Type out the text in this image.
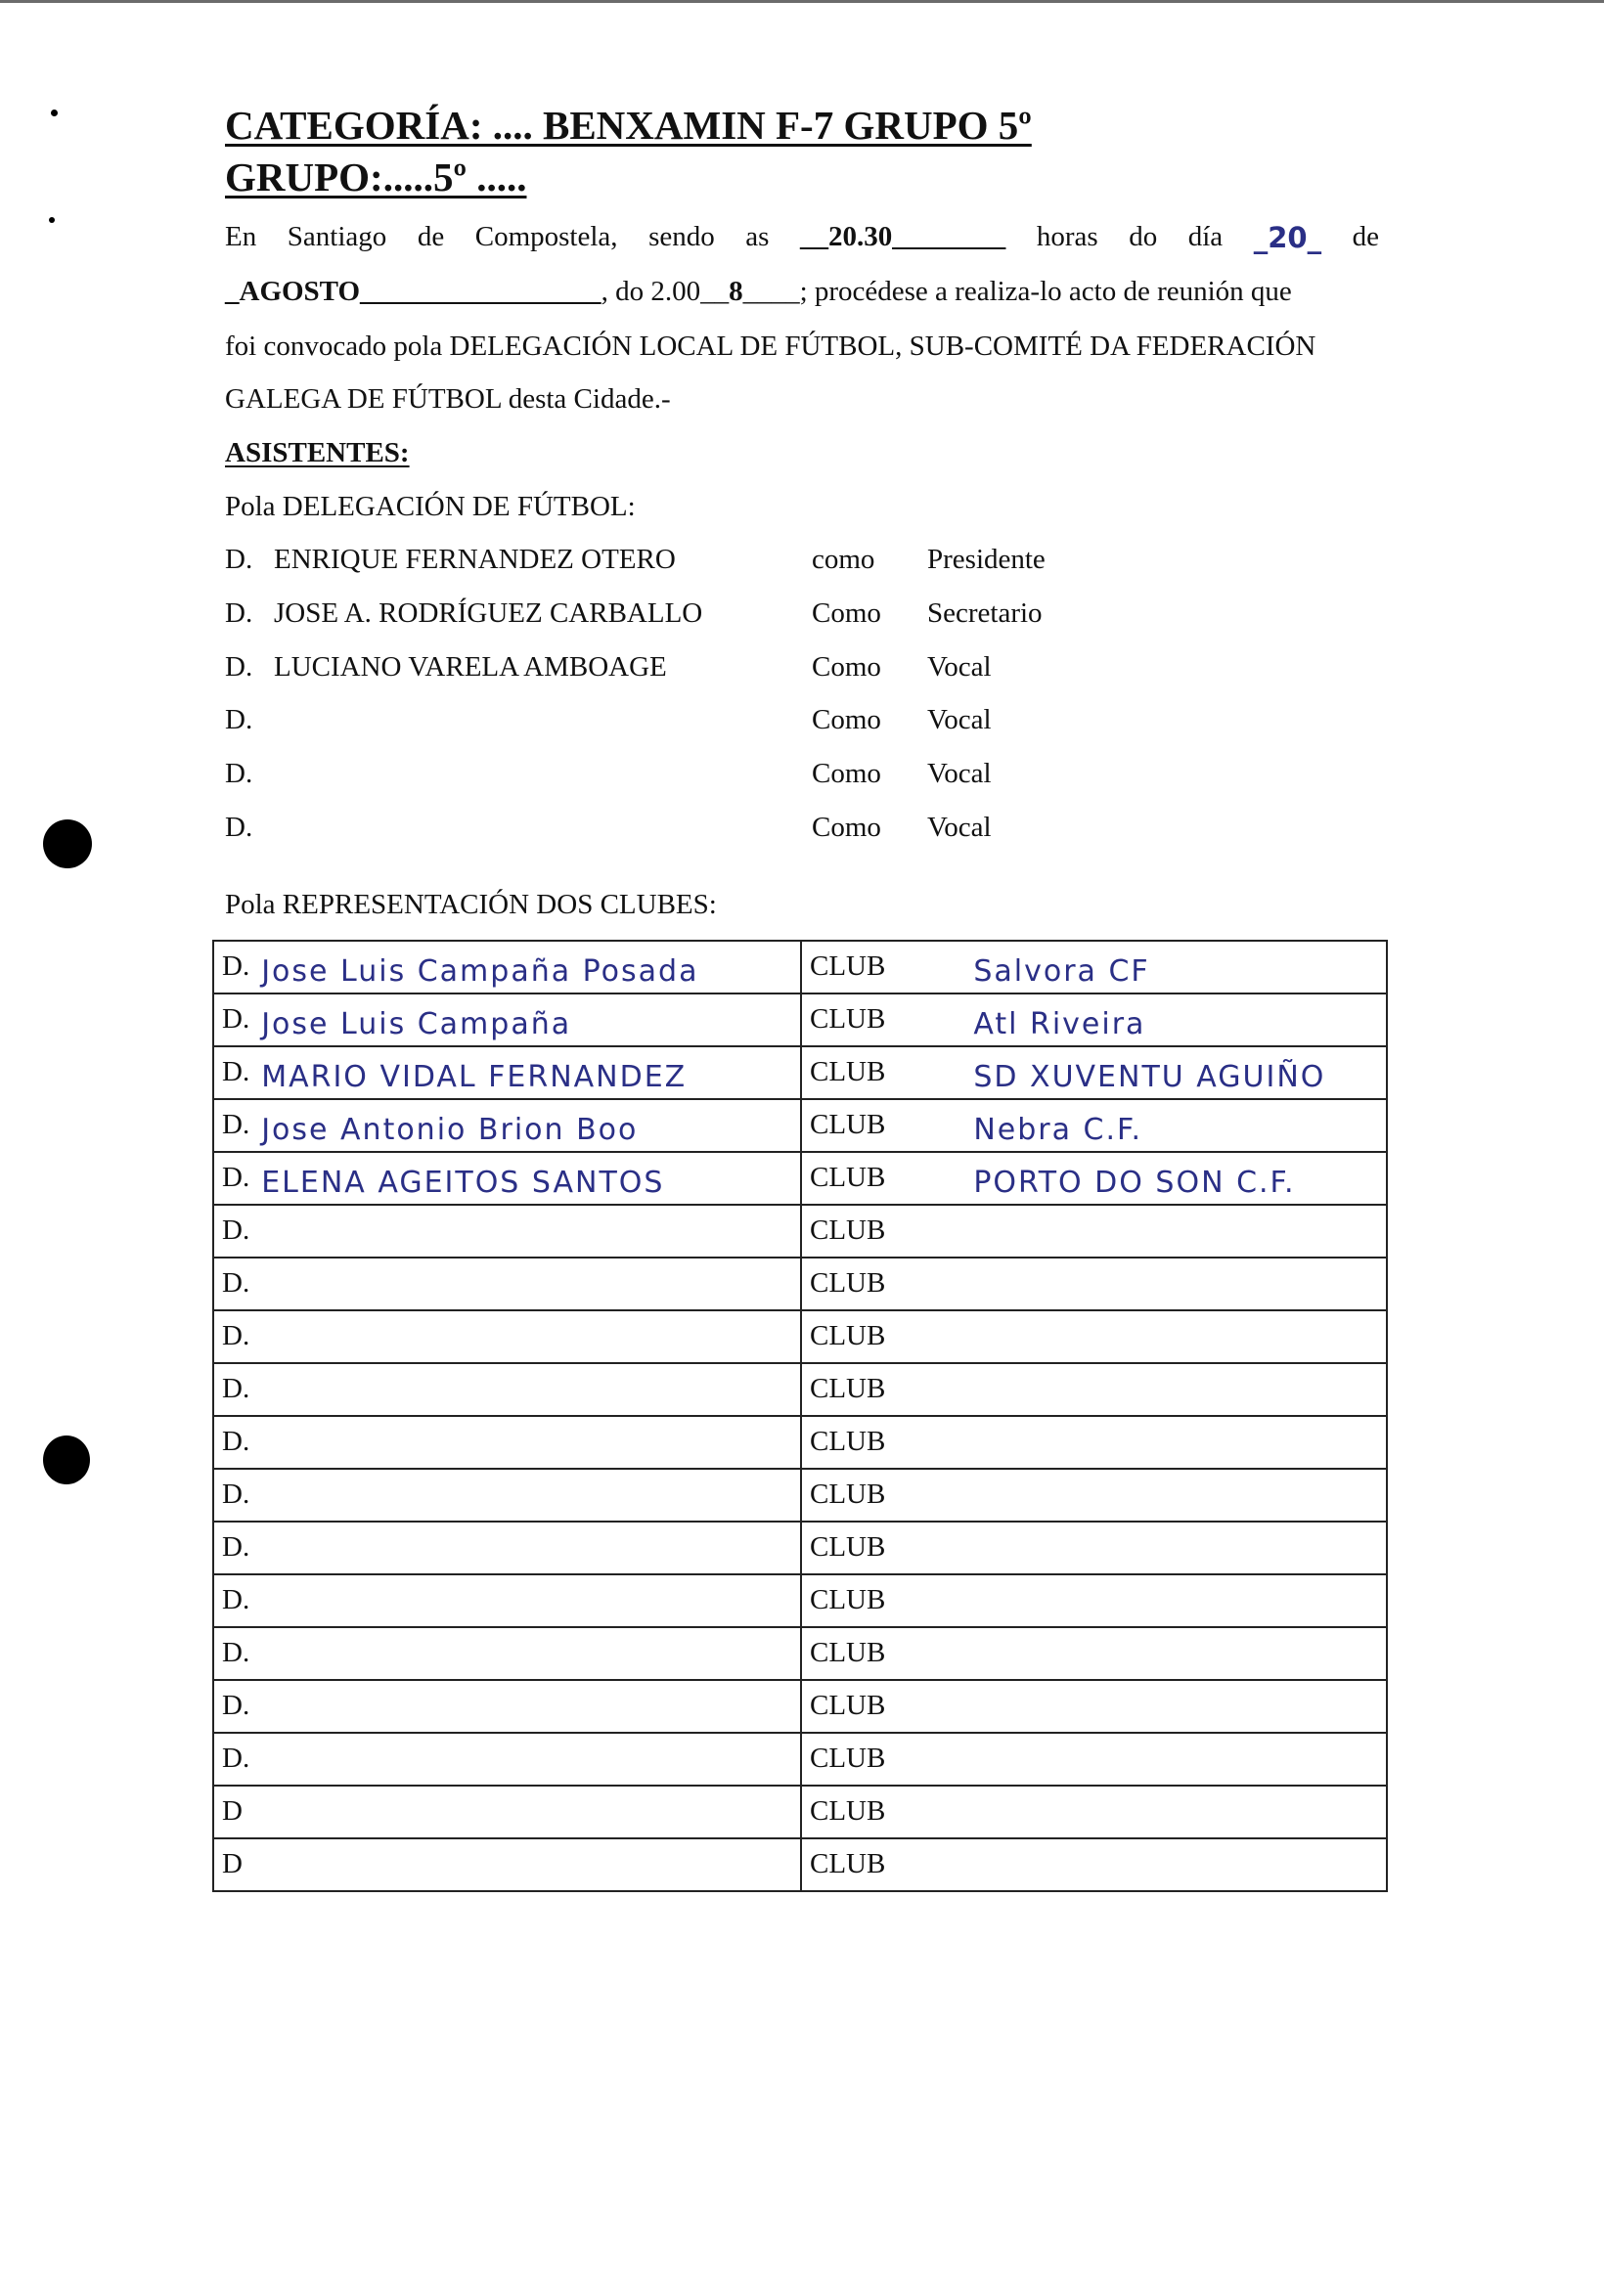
CATEGORÍA: .... BENXAMIN F-7 GRUPO 5º
GRUPO:.....5º .....
En Santiago de Compostela, sendo as __20.30________ horas do día _20_ de
_AGOSTO_________________ , do 2.00__ 8 ____; procédese a realiza-lo acto de reunión que
foi convocado pola DELEGACIÓN LOCAL DE FÚTBOL, SUB-COMITÉ DA FEDERACIÓN
GALEGA DE FÚTBOL desta Cidade.-
ASISTENTES:
Pola DELEGACIÓN DE FÚTBOL:
D. ENRIQUE FERNANDEZ OTERO	como Presidente
D. JOSE A. RODRÍGUEZ CARBALLO	Como Secretario
D. LUCIANO VARELA AMBOAGE	Como Vocal
D.	Como Vocal
D.	Como Vocal
D.	Como Vocal
Pola REPRESENTACIÓN DOS CLUBES:
D. Jose Luis Campaña Posada	CLUB Salvora CF
D. Jose Luis Campaña	CLUB Atl Riveira
D. MARIO VIDAL FERNANDEZ	CLUB SD XUVENTU AGUIÑO
D. Jose Antonio Brion Boo	CLUB Nebra C.F.
D. ELENA AGEITOS SANTOS	CLUB PORTO DO SON C.F.
D.	CLUB
D.	CLUB
D.	CLUB
D.	CLUB
D.	CLUB
D.	CLUB
D.	CLUB
D.	CLUB
D.	CLUB
D.	CLUB
D.	CLUB
D	CLUB
D	CLUB
